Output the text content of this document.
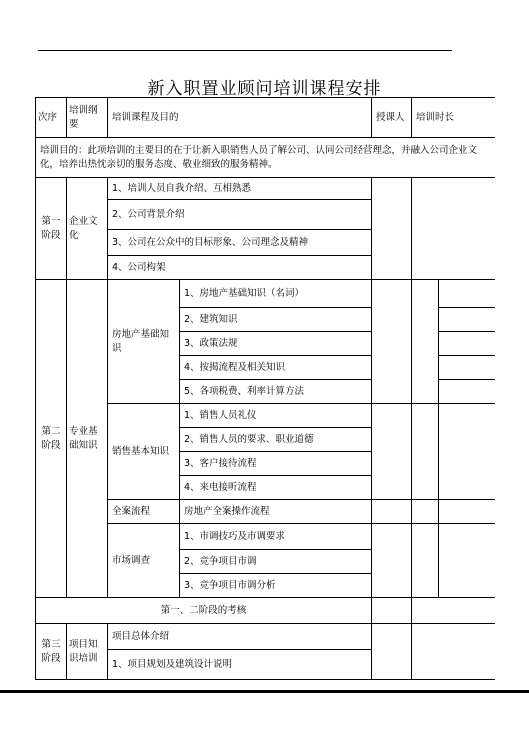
新入职置业顾问培训课程安排
次序	培训纲要	培训课程及目的		授课人	培训时长	
培训目的：此项培训的主要目的在于让新入职销售人员了解公司、认同公司经营理念，并融入公司企业文化，培养出热忱亲切的服务态度、敬业细致的服务精神。							
第一阶段	企业文化	1、培训人员自我介绍、互相熟悉					
		2、公司背景介绍					
		3、公司在公众中的目标形象、公司理念及精神					
		4、公司构架					
第二阶段	专业基础知识	房地产基础知识	1、房地产基础知识（名词）				
			2、建筑知识				
			3、政策法规				
			4、按揭流程及相关知识				
			5、各项税费、利率计算方法				
		销售基本知识	1、销售人员礼仪				
			2、销售人员的要求、职业道德				
			3、客户接待流程				
			4、来电接听流程				
		全案流程	房地产全案操作流程				
		市场调查	1、市调技巧及市调要求				
			2、竞争项目市调				
			3、竞争项目市调分析				
第一、二阶段的考核							
第三阶段	项目知识培训	项目总体介绍					
		1、项目规划及建筑设计说明					
